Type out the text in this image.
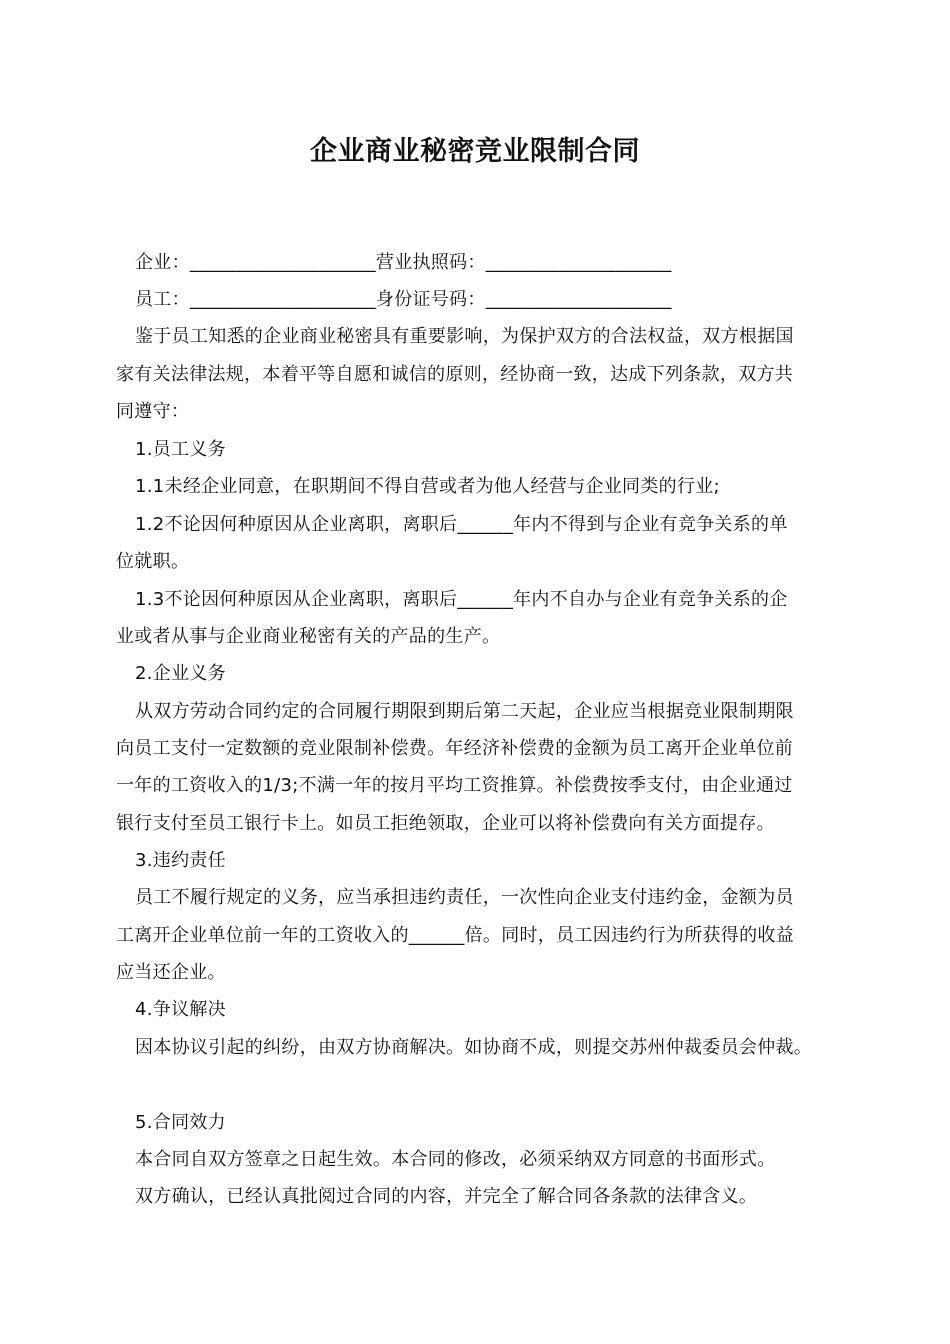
企业商业秘密竞业限制合同
企业：____________________营业执照码：____________________
员工：____________________身份证号码：____________________
鉴于员工知悉的企业商业秘密具有重要影响，为保护双方的合法权益，双方根据国
家有关法律法规，本着平等自愿和诚信的原则，经协商一致，达成下列条款，双方共
同遵守：
1.员工义务
1.1未经企业同意，在职期间不得自营或者为他人经营与企业同类的行业;
1.2不论因何种原因从企业离职，离职后______年内不得到与企业有竞争关系的单
位就职。
1.3不论因何种原因从企业离职，离职后______年内不自办与企业有竞争关系的企
业或者从事与企业商业秘密有关的产品的生产。
2.企业义务
从双方劳动合同约定的合同履行期限到期后第二天起，企业应当根据竞业限制期限
向员工支付一定数额的竞业限制补偿费。年经济补偿费的金额为员工离开企业单位前
一年的工资收入的1/3;不满一年的按月平均工资推算。补偿费按季支付，由企业通过
银行支付至员工银行卡上。如员工拒绝领取，企业可以将补偿费向有关方面提存。
3.违约责任
员工不履行规定的义务，应当承担违约责任，一次性向企业支付违约金，金额为员
工离开企业单位前一年的工资收入的______倍。同时，员工因违约行为所获得的收益
应当还企业。
4.争议解决
因本协议引起的纠纷，由双方协商解决。如协商不成，则提交苏州仲裁委员会仲裁。
5.合同效力
本合同自双方签章之日起生效。本合同的修改，必须采纳双方同意的书面形式。
双方确认，已经认真批阅过合同的内容，并完全了解合同各条款的法律含义。
